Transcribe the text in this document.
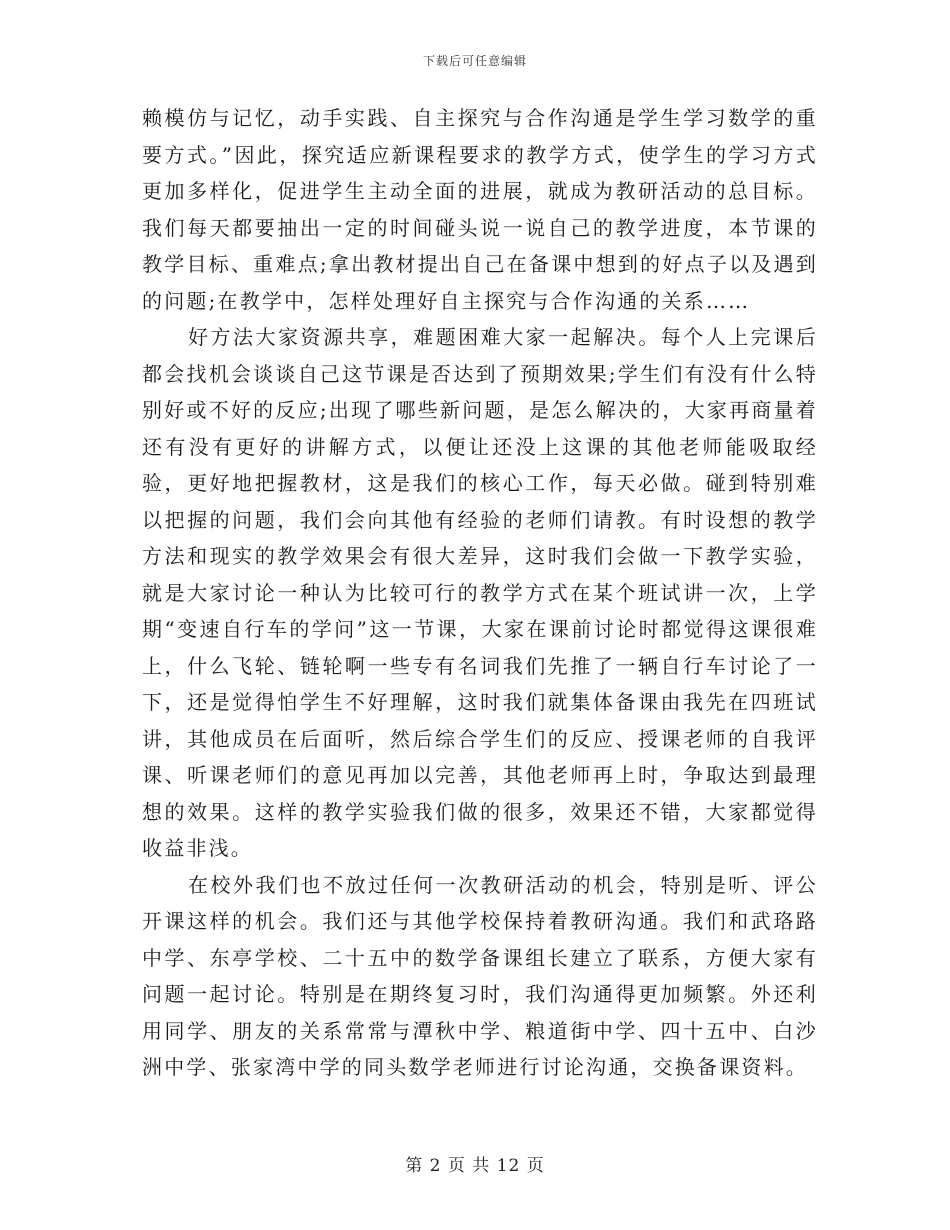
下载后可任意编辑

赖模仿与记忆，动手实践、自主探究与合作沟通是学生学习数学的重要方式。”因此，探究适应新课程要求的教学方式，使学生的学习方式更加多样化，促进学生主动全面的进展，就成为教研活动的总目标。我们每天都要抽出一定的时间碰头说一说自己的教学进度，本节课的教学目标、重难点;拿出教材提出自己在备课中想到的好点子以及遇到的问题;在教学中，怎样处理好自主探究与合作沟通的关系……

好方法大家资源共享，难题困难大家一起解决。每个人上完课后都会找机会谈谈自己这节课是否达到了预期效果;学生们有没有什么特别好或不好的反应;出现了哪些新问题，是怎么解决的，大家再商量着还有没有更好的讲解方式，以便让还没上这课的其他老师能吸取经验，更好地把握教材，这是我们的核心工作，每天必做。碰到特别难以把握的问题，我们会向其他有经验的老师们请教。有时设想的教学方法和现实的教学效果会有很大差异，这时我们会做一下教学实验，就是大家讨论一种认为比较可行的教学方式在某个班试讲一次，上学期“变速自行车的学问”这一节课，大家在课前讨论时都觉得这课很难上，什么飞轮、链轮啊一些专有名词我们先推了一辆自行车讨论了一下，还是觉得怕学生不好理解，这时我们就集体备课由我先在四班试讲，其他成员在后面听，然后综合学生们的反应、授课老师的自我评课、听课老师们的意见再加以完善，其他老师再上时，争取达到最理想的效果。这样的教学实验我们做的很多，效果还不错，大家都觉得收益非浅。

在校外我们也不放过任何一次教研活动的机会，特别是听、评公开课这样的机会。我们还与其他学校保持着教研沟通。我们和武珞路中学、东亭学校、二十五中的数学备课组长建立了联系，方便大家有问题一起讨论。特别是在期终复习时，我们沟通得更加频繁。外还利用同学、朋友的关系常常与潭秋中学、粮道街中学、四十五中、白沙洲中学、张家湾中学的同头数学老师进行讨论沟通，交换备课资料。

第 2 页 共 12 页
